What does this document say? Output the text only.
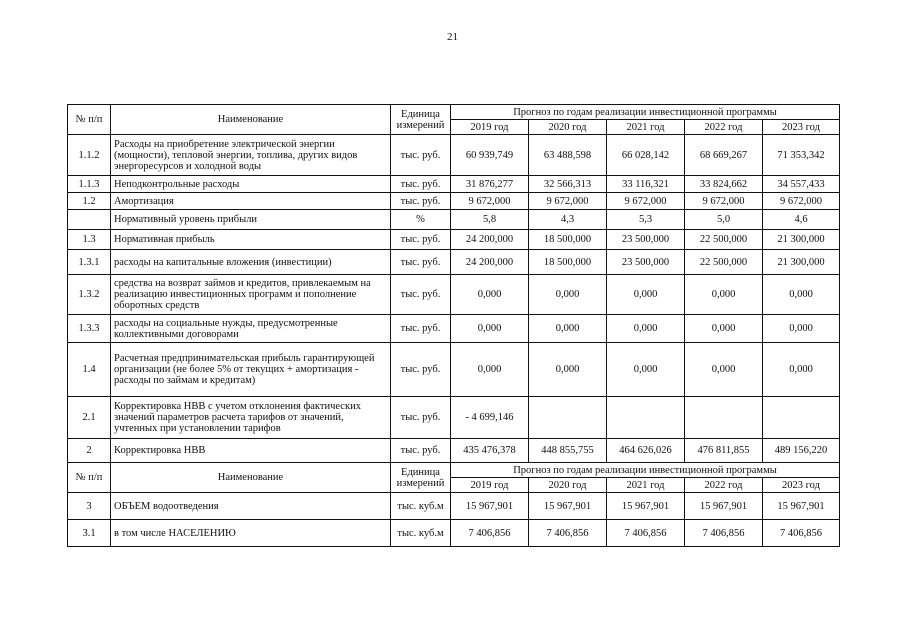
21
№ п/п	Наименование	Единица измерений	Прогноз по годам реализации инвестиционной программы				
			2019 год	2020 год	2021 год	2022 год	2023 год
1.1.2	Расходы на приобретение электрической энергии (мощности), тепловой энергии, топлива, других видов энергоресурсов и холодной воды	тыс. руб.	60 939,749	63 488,598	66 028,142	68 669,267	71 353,342
1.1.3	Неподконтрольные расходы	тыс. руб.	31 876,277	32 566,313	33 116,321	33 824,662	34 557,433
1.2	Амортизация	тыс. руб.	9 672,000	9 672,000	9 672,000	9 672,000	9 672,000
	Нормативный уровень прибыли	%	5,8	4,3	5,3	5,0	4,6
1.3	Нормативная прибыль	тыс. руб.	24 200,000	18 500,000	23 500,000	22 500,000	21 300,000
1.3.1	расходы на капитальные вложения (инвестиции)	тыс. руб.	24 200,000	18 500,000	23 500,000	22 500,000	21 300,000
1.3.2	средства на возврат займов и кредитов, привлекаемым на реализацию инвестиционных программ и пополнение оборотных средств	тыс. руб.	0,000	0,000	0,000	0,000	0,000
1.3.3	расходы на социальные нужды, предусмотренные коллективными договорами	тыс. руб.	0,000	0,000	0,000	0,000	0,000
1.4	Расчетная предпринимательская прибыль гарантирующей организации (не более 5% от текущих + амортизация - расходы по займам и кредитам)	тыс. руб.	0,000	0,000	0,000	0,000	0,000
2.1	Корректировка НВВ с учетом отклонения фактических значений параметров расчета тарифов от значений, учтенных при установлении тарифов	тыс. руб.	- 4 699,146				
2	Корректировка НВВ	тыс. руб.	435 476,378	448 855,755	464 626,026	476 811,855	489 156,220
№ п/п	Наименование	Единица измерений	Прогноз по годам реализации инвестиционной программы				
			2019 год	2020 год	2021 год	2022 год	2023 год
3	ОБЪЕМ водоотведения	тыс. куб.м	15 967,901	15 967,901	15 967,901	15 967,901	15 967,901
3.1	в том числе НАСЕЛЕНИЮ	тыс. куб.м	7 406,856	7 406,856	7 406,856	7 406,856	7 406,856
